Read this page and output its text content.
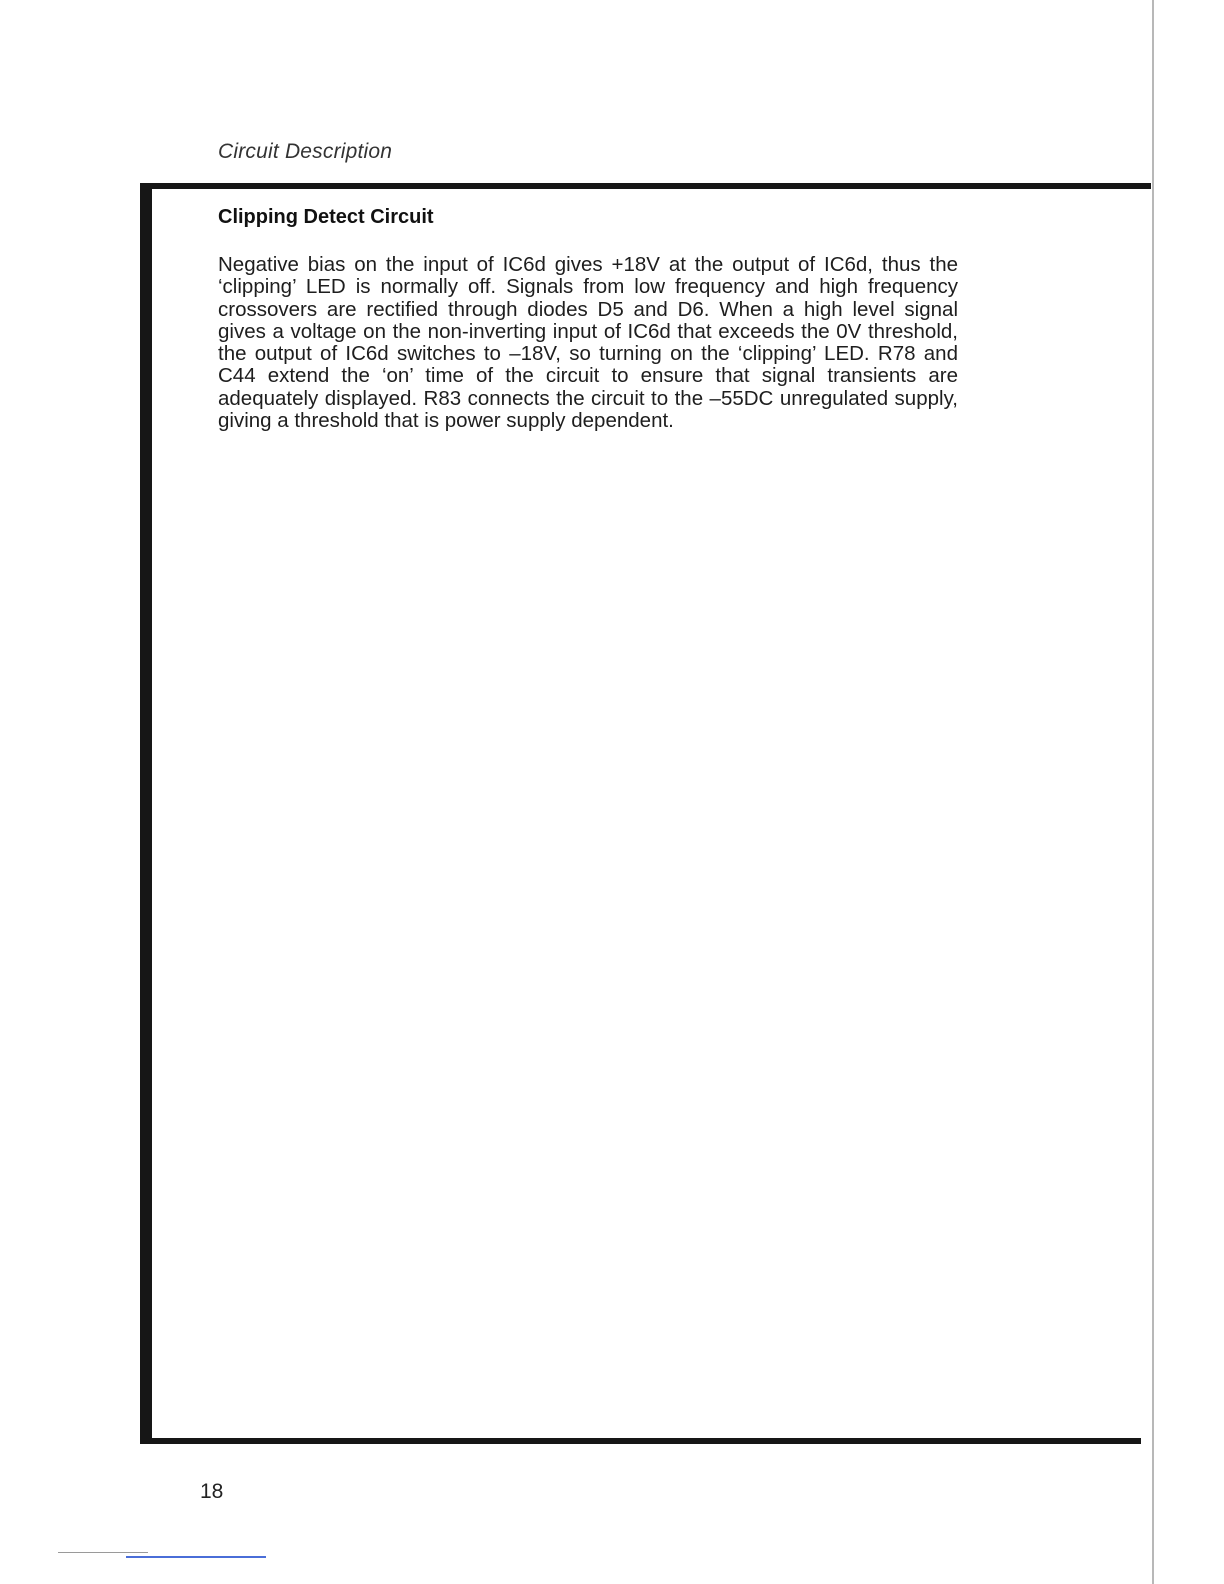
Circuit Description
Clipping Detect Circuit
Negative bias on the input of IC6d gives +18V at the output of IC6d, thus the ‘clipping’ LED is normally off. Signals from low frequency and high frequency crossovers are rectified through diodes D5 and D6. When a high level signal gives a voltage on the non-inverting input of IC6d that exceeds the 0V threshold, the output of IC6d switches to –18V, so turning on the ‘clipping’ LED. R78 and C44 extend the ‘on’ time of the circuit to ensure that signal transients are adequately displayed. R83 connects the circuit to the –55DC unregulated supply, giving a threshold that is power supply dependent.
18
